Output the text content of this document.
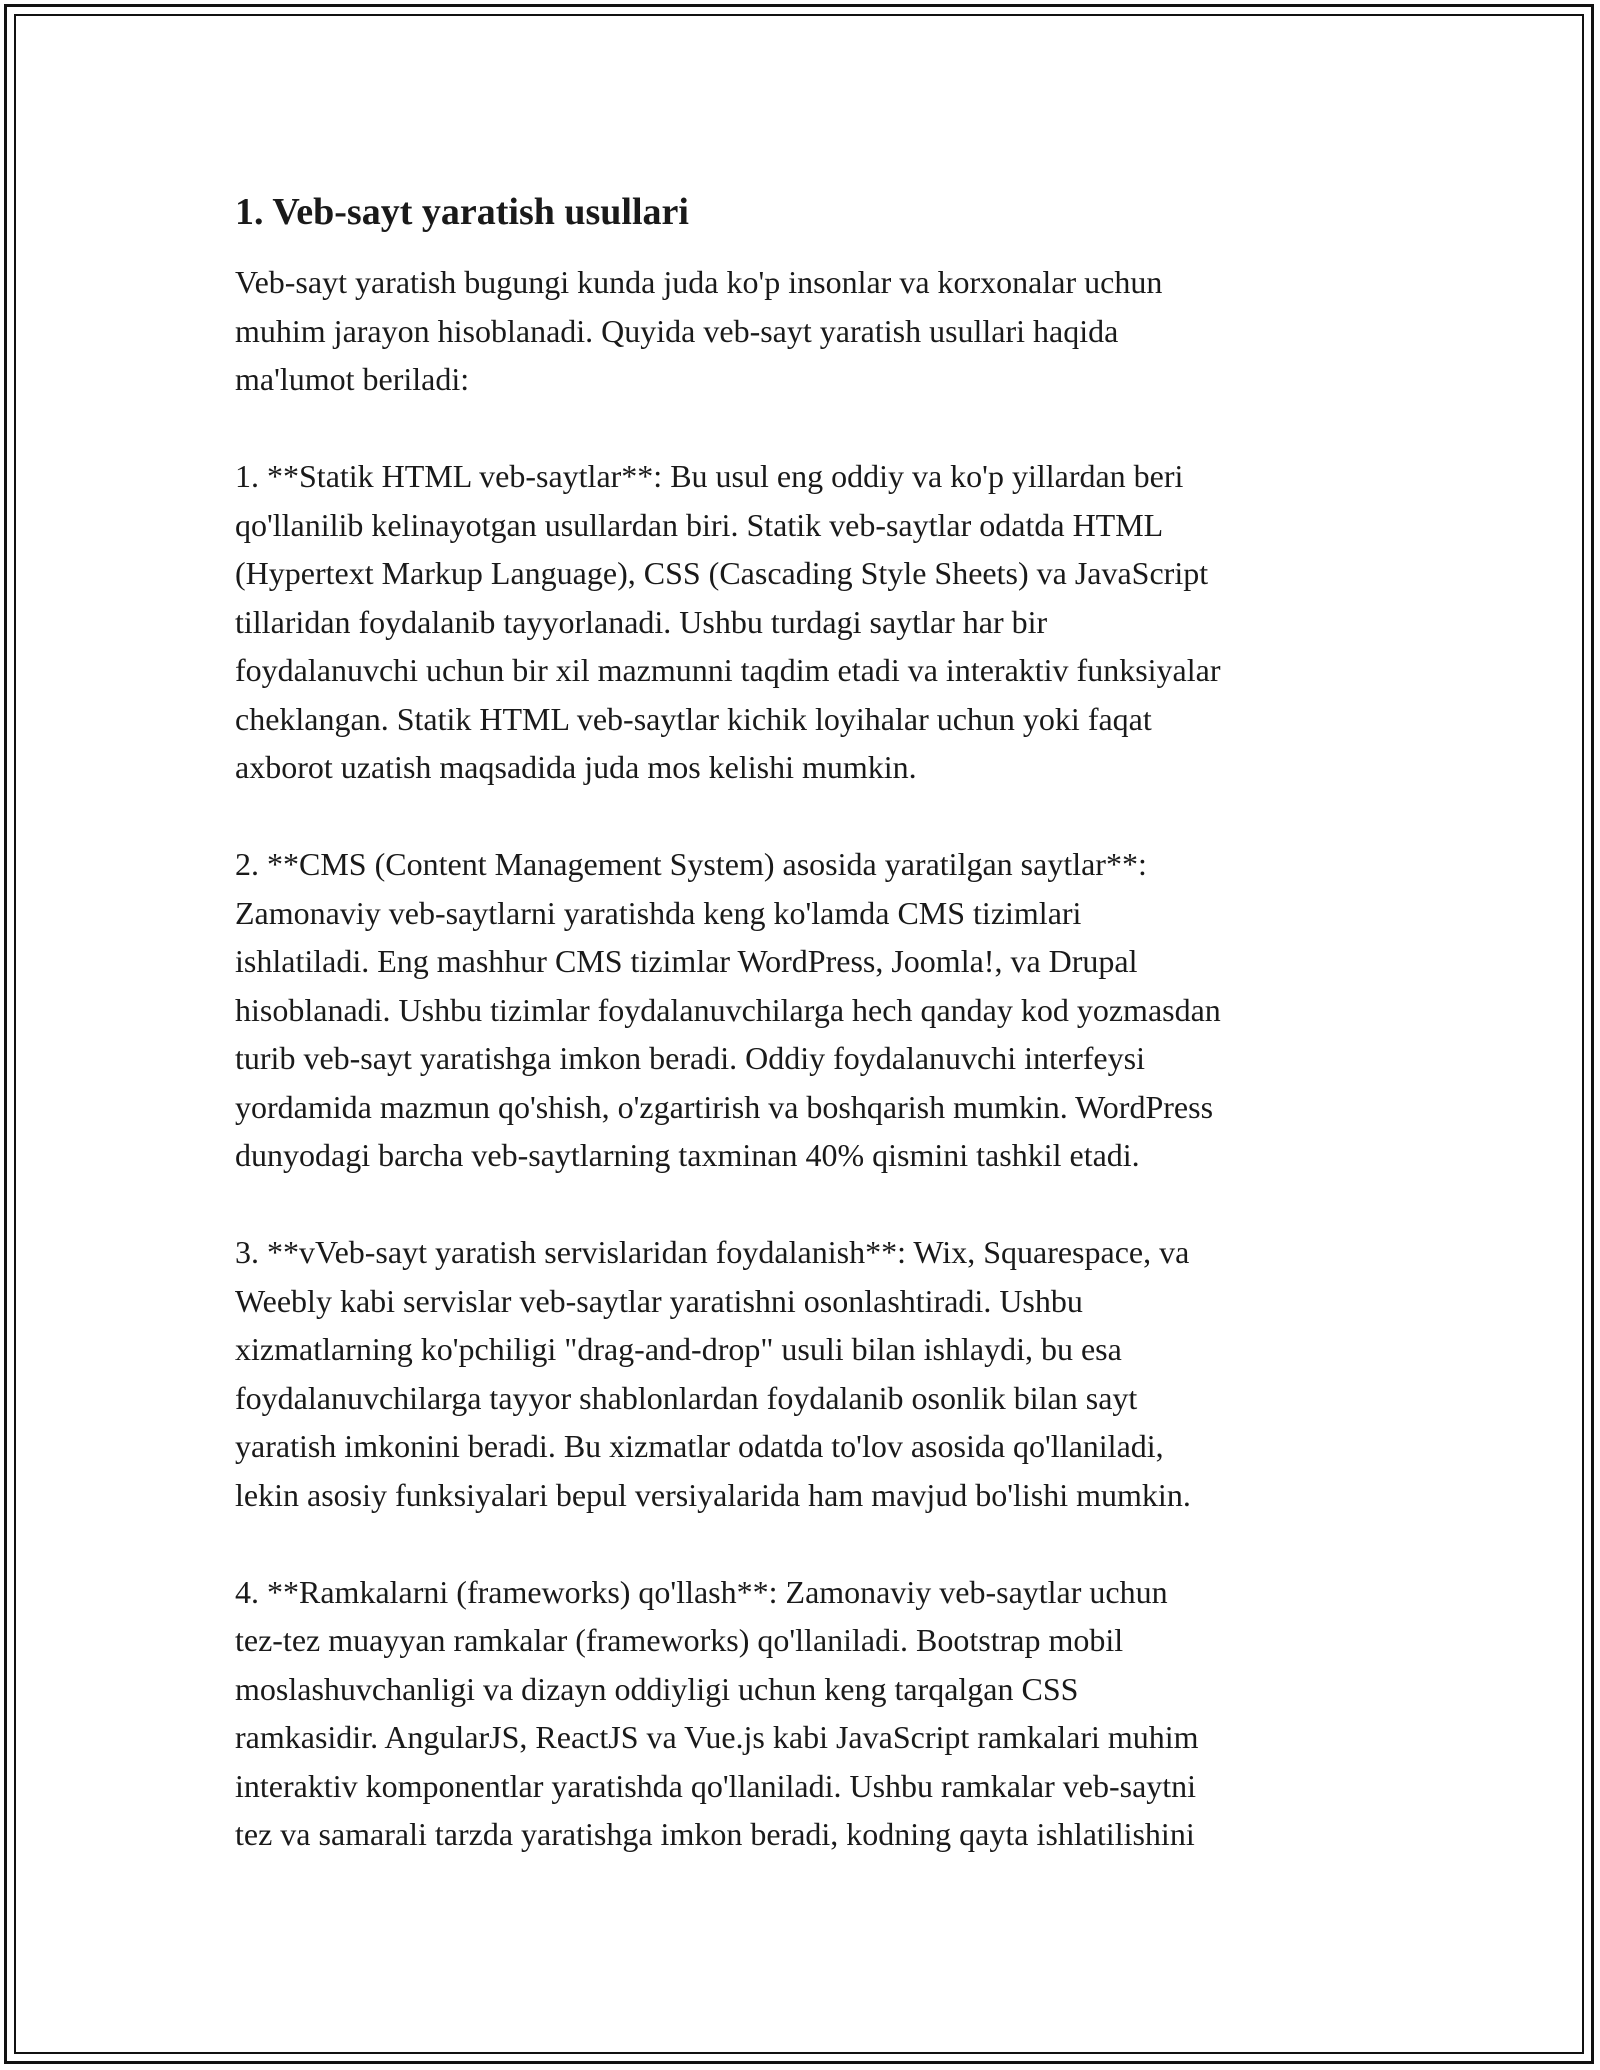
1. Veb-sayt yaratish usullari

Veb-sayt yaratish bugungi kunda juda ko'p insonlar va korxonalar uchun
muhim jarayon hisoblanadi. Quyida veb-sayt yaratish usullari haqida
ma'lumot beriladi:

1. **Statik HTML veb-saytlar**: Bu usul eng oddiy va ko'p yillardan beri
qo'llanilib kelinayotgan usullardan biri. Statik veb-saytlar odatda HTML
(Hypertext Markup Language), CSS (Cascading Style Sheets) va JavaScript
tillaridan foydalanib tayyorlanadi. Ushbu turdagi saytlar har bir
foydalanuvchi uchun bir xil mazmunni taqdim etadi va interaktiv funksiyalar
cheklangan. Statik HTML veb-saytlar kichik loyihalar uchun yoki faqat
axborot uzatish maqsadida juda mos kelishi mumkin.

2. **CMS (Content Management System) asosida yaratilgan saytlar**:
Zamonaviy veb-saytlarni yaratishda keng ko'lamda CMS tizimlari
ishlatiladi. Eng mashhur CMS tizimlar WordPress, Joomla!, va Drupal
hisoblanadi. Ushbu tizimlar foydalanuvchilarga hech qanday kod yozmasdan
turib veb-sayt yaratishga imkon beradi. Oddiy foydalanuvchi interfeysi
yordamida mazmun qo'shish, o'zgartirish va boshqarish mumkin. WordPress
dunyodagi barcha veb-saytlarning taxminan 40% qismini tashkil etadi.

3. **vVeb-sayt yaratish servislaridan foydalanish**: Wix, Squarespace, va
Weebly kabi servislar veb-saytlar yaratishni osonlashtiradi. Ushbu
xizmatlarning ko'pchiligi "drag-and-drop" usuli bilan ishlaydi, bu esa
foydalanuvchilarga tayyor shablonlardan foydalanib osonlik bilan sayt
yaratish imkonini beradi. Bu xizmatlar odatda to'lov asosida qo'llaniladi,
lekin asosiy funksiyalari bepul versiyalarida ham mavjud bo'lishi mumkin.

4. **Ramkalarni (frameworks) qo'llash**: Zamonaviy veb-saytlar uchun
tez-tez muayyan ramkalar (frameworks) qo'llaniladi. Bootstrap mobil
moslashuvchanligi va dizayn oddiyligi uchun keng tarqalgan CSS
ramkasidir. AngularJS, ReactJS va Vue.js kabi JavaScript ramkalari muhim
interaktiv komponentlar yaratishda qo'llaniladi. Ushbu ramkalar veb-saytni
tez va samarali tarzda yaratishga imkon beradi, kodning qayta ishlatilishini
